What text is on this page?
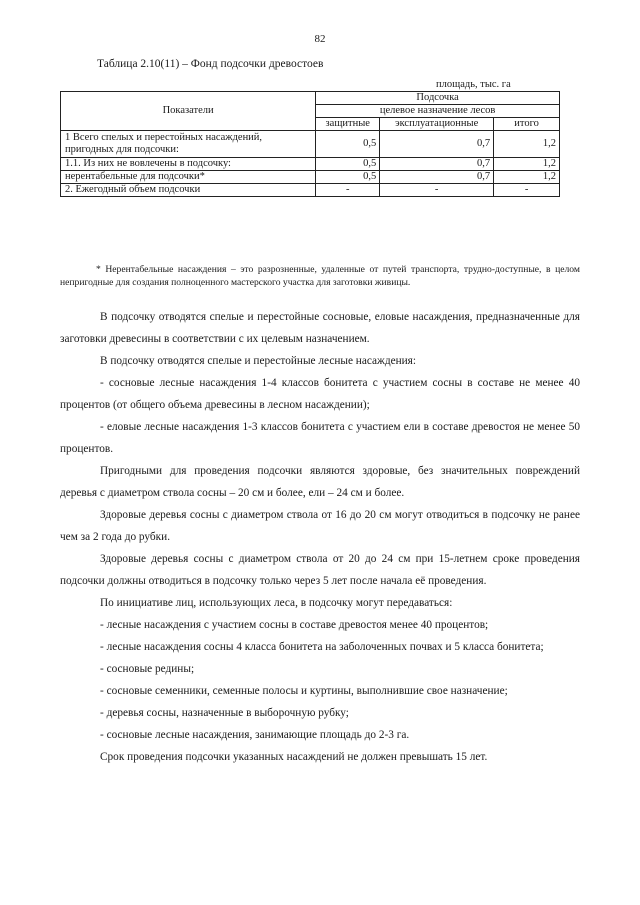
82
Таблица 2.10(11) – Фонд подсочки древостоев
площадь, тыс. га
Показатели	Подсочка		
	целевое назначение лесов		
	защитные	эксплуатационные	итого
1 Всего спелых и перестойных насаждений, пригодных для подсочки:	0,5	0,7	1,2
1.1. Из них не вовлечены в подсочку:	0,5	0,7	1,2
нерентабельные для подсочки*	0,5	0,7	1,2
2. Ежегодный объем подсочки	-	-	-
* Нерентабельные насаждения – это разрозненные, удаленные от путей транспорта, трудно-доступные, в целом непригодные для создания полноценного мастерского участка для заготовки живицы.

В подсочку отводятся спелые и перестойные сосновые, еловые насаждения, предназначенные для заготовки древесины в соответствии с их целевым назначением.

В подсочку отводятся спелые и перестойные лесные насаждения:

- сосновые лесные насаждения 1-4 классов бонитета с участием сосны в составе не менее 40 процентов (от общего объема древесины в лесном насаждении);

- еловые лесные насаждения 1-3 классов бонитета с участием ели в составе древостоя не менее 50 процентов.

Пригодными для проведения подсочки являются здоровые, без значительных повреждений деревья с диаметром ствола сосны – 20 см и более, ели – 24 см и более.

Здоровые деревья сосны с диаметром ствола от 16 до 20 см могут отводиться в подсочку не ранее чем за 2 года до рубки.

Здоровые деревья сосны с диаметром ствола от 20 до 24 см при 15-летнем сроке проведения подсочки должны отводиться в подсочку только через 5 лет после начала её проведения.

По инициативе лиц, использующих леса, в подсочку могут передаваться:

- лесные насаждения с участием сосны в составе древостоя менее 40 процентов;

- лесные насаждения сосны 4 класса бонитета на заболоченных почвах и 5 класса бонитета;

- сосновые редины;

- сосновые семенники, семенные полосы и куртины, выполнившие свое назначение;

- деревья сосны, назначенные в выборочную рубку;

- сосновые лесные насаждения, занимающие площадь до 2-3 га.

Срок проведения подсочки указанных насаждений не должен превышать 15 лет.
